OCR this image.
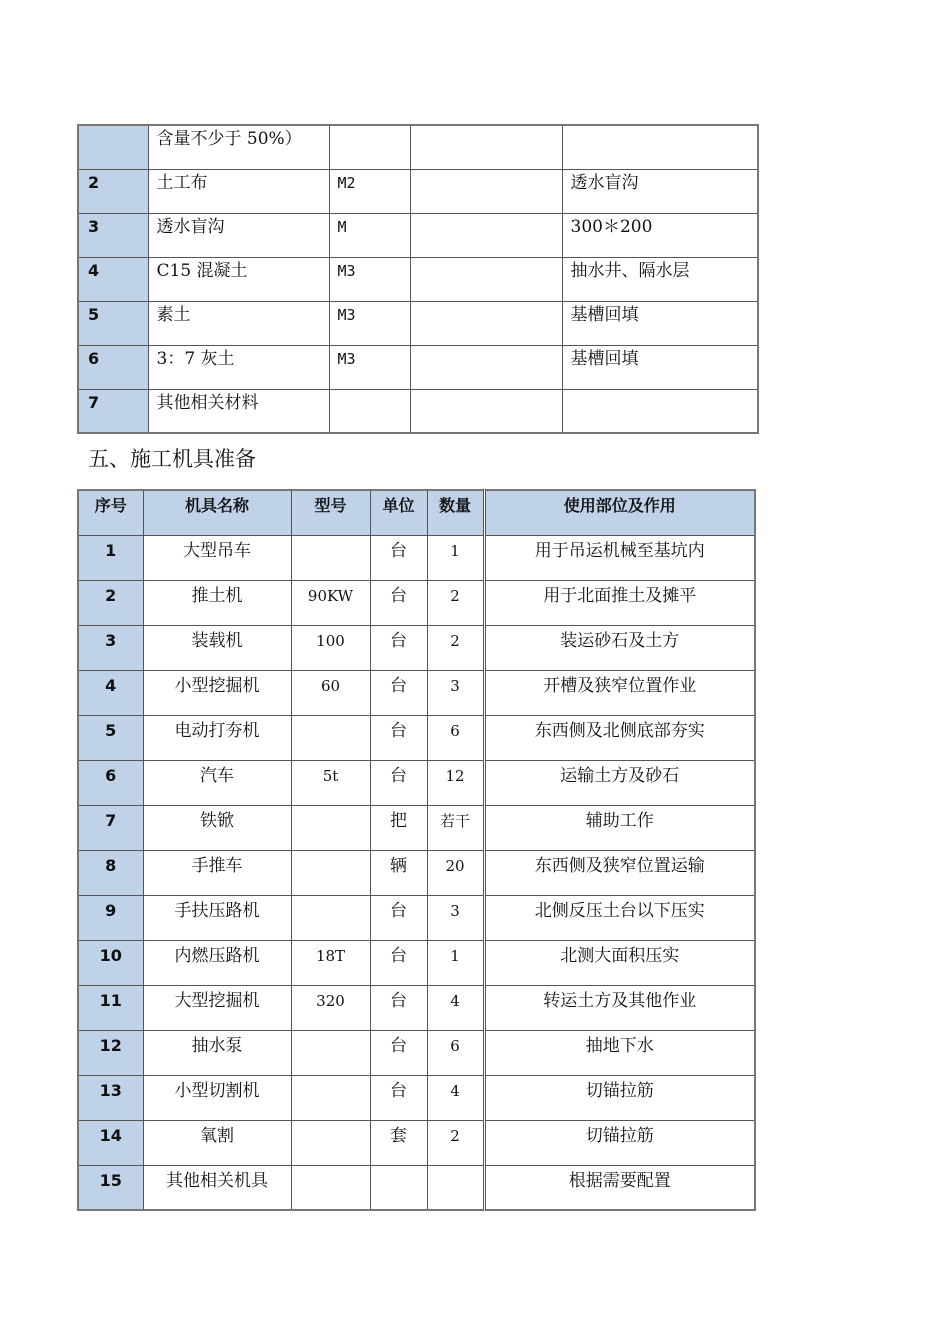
	含量不少于 50%）			
2	土工布	M2		透水盲沟
3	透水盲沟	M		300＊200
4	C15 混凝土	M3		抽水井、隔水层
5	素土	M3		基槽回填
6	3：7 灰土	M3		基槽回填
7	其他相关材料			
五、施工机具准备
序号	机具名称	型号	单位	数量	使用部位及作用
1	大型吊车		台	1	用于吊运机械至基坑内
2	推土机	90KW	台	2	用于北面推土及摊平
3	装载机	100	台	2	装运砂石及土方
4	小型挖掘机	60	台	3	开槽及狭窄位置作业
5	电动打夯机		台	6	东西侧及北侧底部夯实
6	汽车	5t	台	12	运输土方及砂石
7	铁锨		把	若干	辅助工作
8	手推车		辆	20	东西侧及狭窄位置运输
9	手扶压路机		台	3	北侧反压土台以下压实
10	内燃压路机	18T	台	1	北测大面积压实
11	大型挖掘机	320	台	4	转运土方及其他作业
12	抽水泵		台	6	抽地下水
13	小型切割机		台	4	切锚拉筋
14	氧割		套	2	切锚拉筋
15	其他相关机具				根据需要配置
